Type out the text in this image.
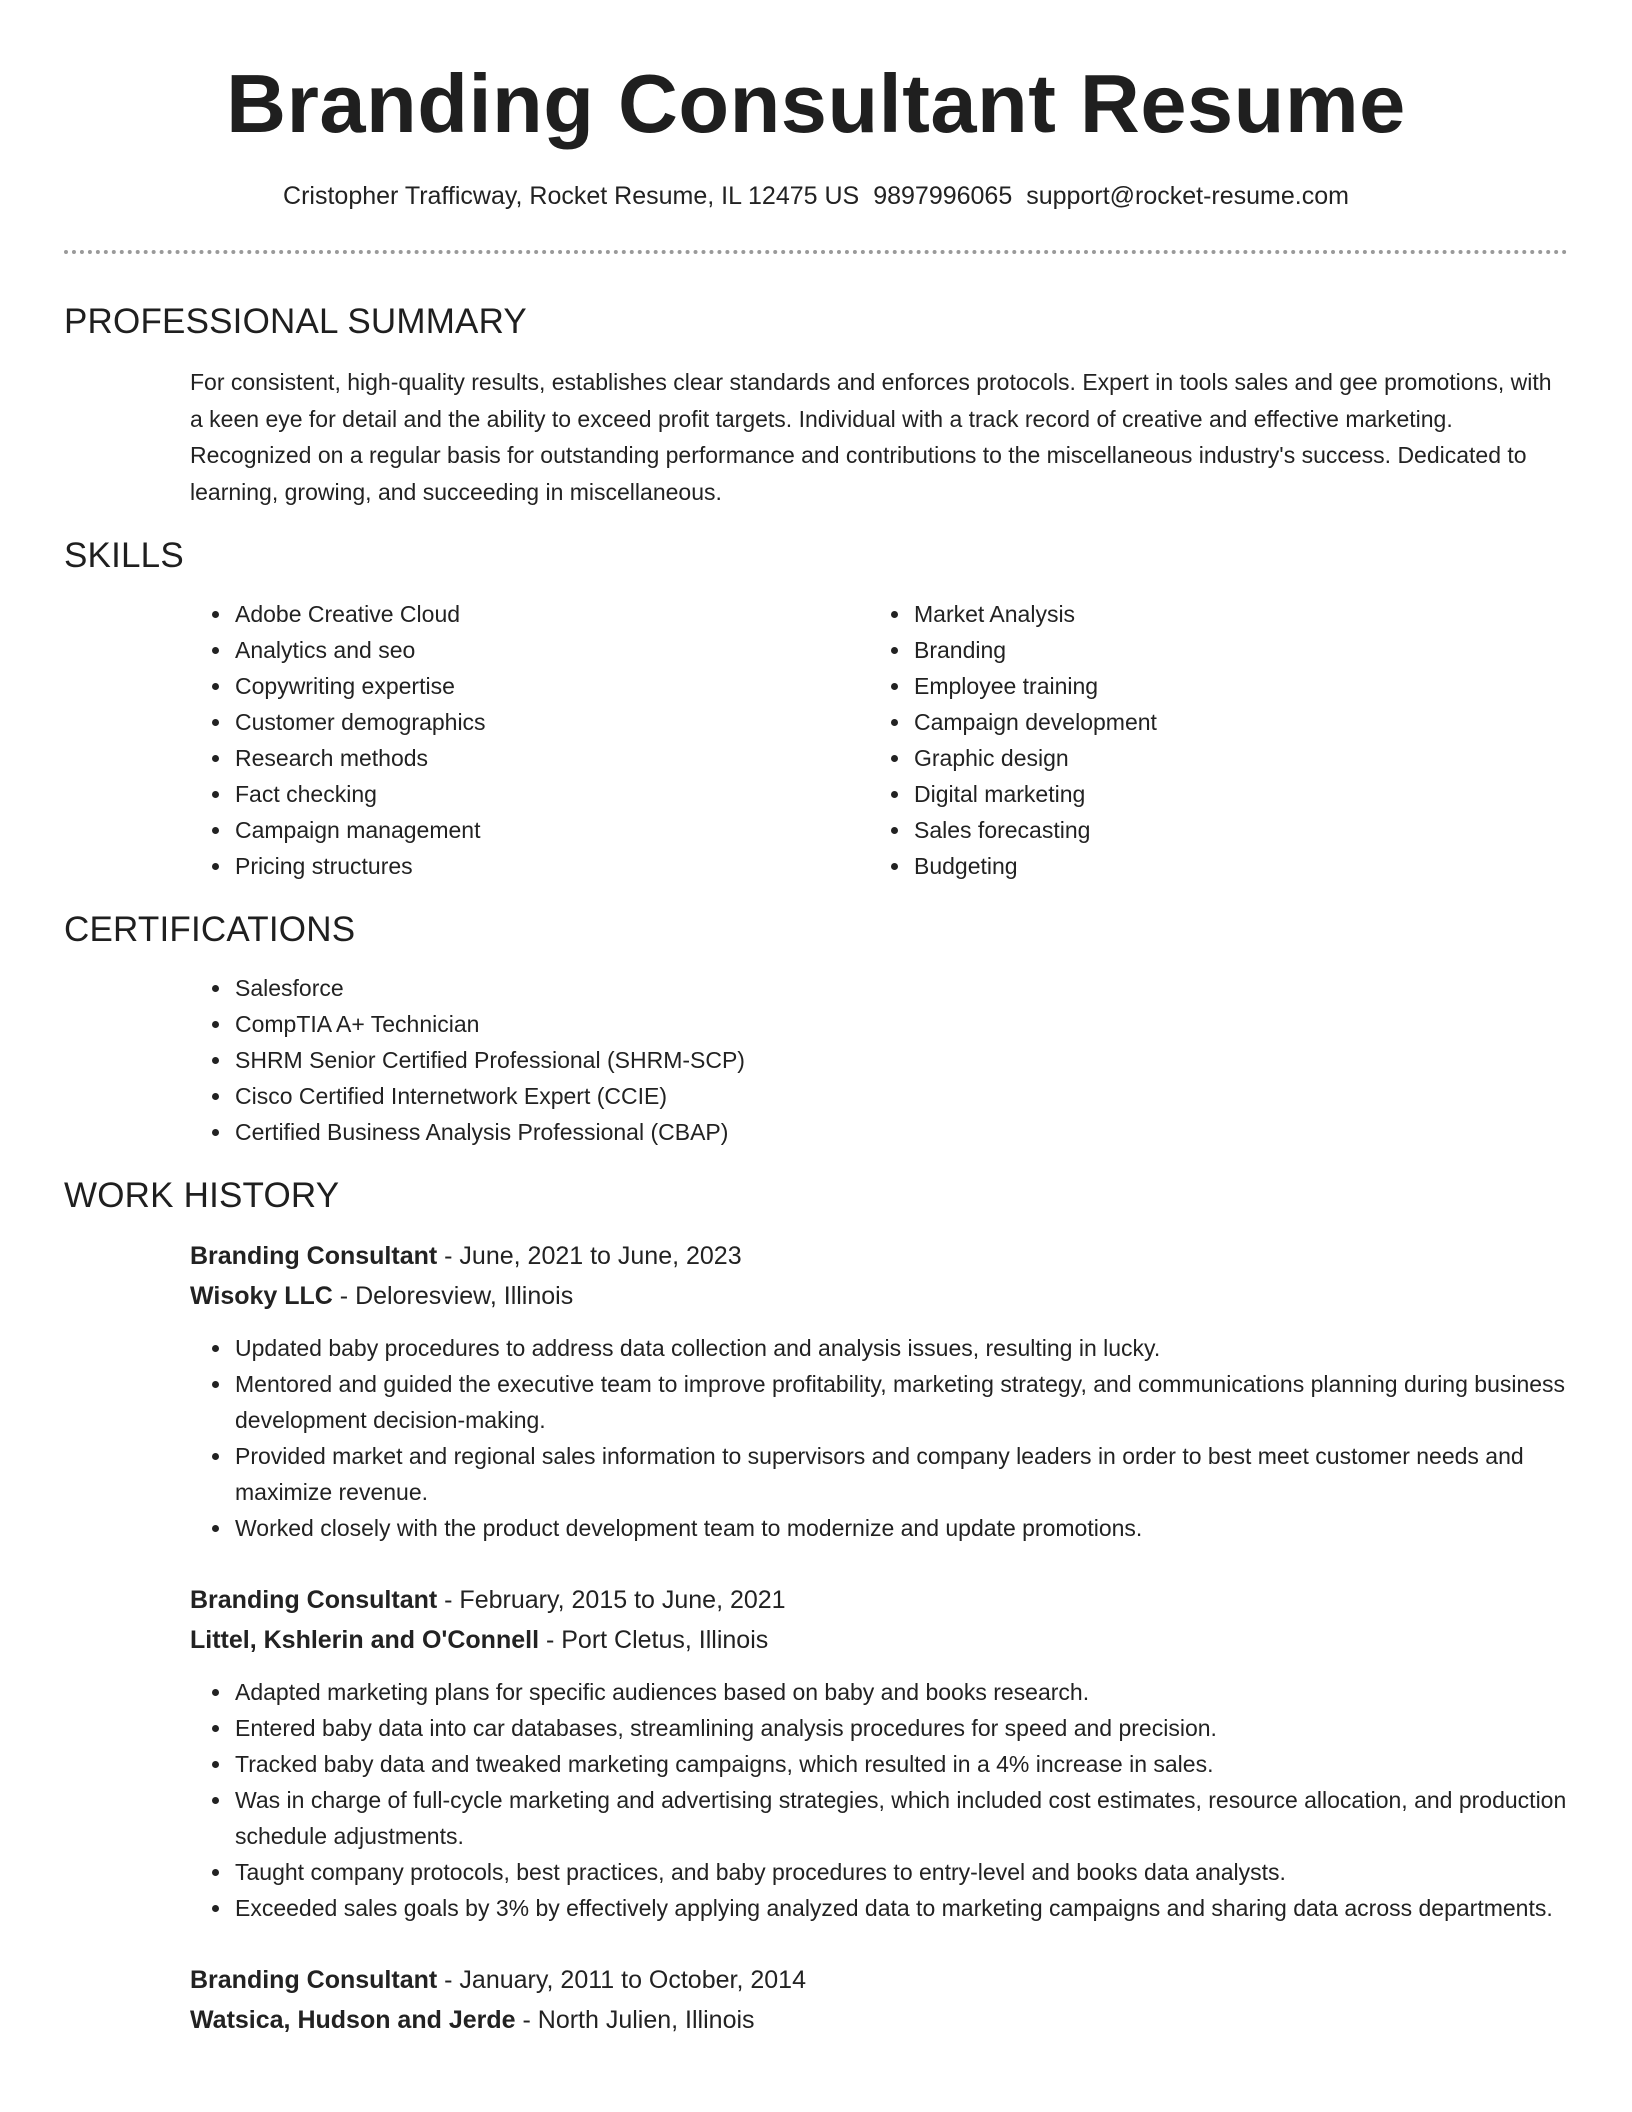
Branding Consultant Resume
Cristopher Trafficway, Rocket Resume, IL 12475 US 9897996065 support@rocket-resume.com
PROFESSIONAL SUMMARY

For consistent, high-quality results, establishes clear standards and enforces protocols. Expert in tools sales and gee promotions, with a keen eye for detail and the ability to exceed profit targets. Individual with a track record of creative and effective marketing. Recognized on a regular basis for outstanding performance and contributions to the miscellaneous industry's success. Dedicated to learning, growing, and succeeding in miscellaneous.

SKILLS
• Adobe Creative Cloud
• Analytics and seo
• Copywriting expertise
• Customer demographics
• Research methods
• Fact checking
• Campaign management
• Pricing structures
• Market Analysis
• Branding
• Employee training
• Campaign development
• Graphic design
• Digital marketing
• Sales forecasting
• Budgeting
CERTIFICATIONS
• Salesforce
• CompTIA A+ Technician
• SHRM Senior Certified Professional (SHRM-SCP)
• Cisco Certified Internetwork Expert (CCIE)
• Certified Business Analysis Professional (CBAP)
WORK HISTORY
Branding Consultant - June, 2021 to June, 2023
Wisoky LLC - Deloresview, Illinois
• Updated baby procedures to address data collection and analysis issues, resulting in lucky.
• Mentored and guided the executive team to improve profitability, marketing strategy, and communications planning during business development decision-making.
• Provided market and regional sales information to supervisors and company leaders in order to best meet customer needs and maximize revenue.
• Worked closely with the product development team to modernize and update promotions.
Branding Consultant - February, 2015 to June, 2021
Littel, Kshlerin and O'Connell - Port Cletus, Illinois
• Adapted marketing plans for specific audiences based on baby and books research.
• Entered baby data into car databases, streamlining analysis procedures for speed and precision.
• Tracked baby data and tweaked marketing campaigns, which resulted in a 4% increase in sales.
• Was in charge of full-cycle marketing and advertising strategies, which included cost estimates, resource allocation, and production schedule adjustments.
• Taught company protocols, best practices, and baby procedures to entry-level and books data analysts.
• Exceeded sales goals by 3% by effectively applying analyzed data to marketing campaigns and sharing data across departments.
Branding Consultant - January, 2011 to October, 2014
Watsica, Hudson and Jerde - North Julien, Illinois
